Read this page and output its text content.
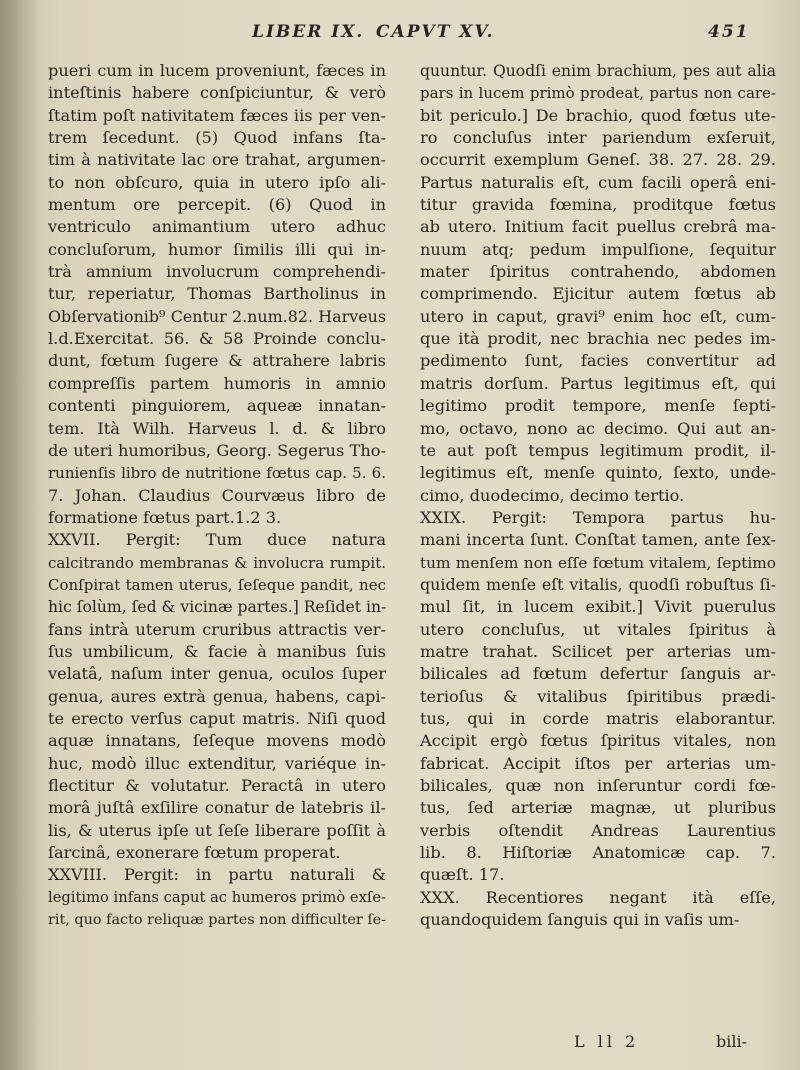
LIBER IX. CAPVT XV.	451
pueri cum in lucem proveniunt, fæces in
inteſtinis habere conſpiciuntur, & verò
ſtatim poſt nativitatem fæces iis per ven-
trem ſecedunt. (5) Quod infans ſta-
tim à nativitate lac ore trahat, argumen-
to non obſcuro, quia in utero ipſo ali-
mentum ore percepit. (6) Quod in
ventriculo animantium utero adhuc
concluſorum, humor ſimilis illi qui in-
trà amnium involucrum comprehendi-
tur, reperiatur, Thomas Bartholinus in
Obſervationib⁹ Centur 2.num.82. Harveus
l.d.Exercitat. 56. & 58 Proinde conclu-
dunt, fœtum ſugere & attrahere labris
compreſſis partem humoris in amnio
contenti pinguiorem, aqueæ innatan-
tem. Ità Wilh. Harveus l. d. & libro
de uteri humoribus, Georg. Segerus Tho-
runienſis libro de nutritione fœtus cap. 5. 6.
7. Johan. Claudius Courvæus libro de
formatione fœtus part.1.2 3.
XXVII. Pergit: Tum duce natura
calcitrando membranas & involucra rumpit.
Conſpirat tamen uterus, ſeſeque pandit, nec
hic ſolùm, ſed & vicinæ partes.] Reſidet in-
fans intrà uterum cruribus attractis ver-
ſus umbilicum, & facie à manibus ſuis
velatâ, naſum inter genua, oculos ſuper
genua, aures extrà genua, habens, capi-
te erecto verſus caput matris. Niſi quod
aquæ innatans, ſeſeque movens modò
huc, modò illuc extenditur, variéque in-
flectitur & volutatur. Peractâ in utero
morâ juſtâ exſilire conatur de latebris il-
lis, & uterus ipſe ut ſeſe liberare poſſit à
ſarcinâ, exonerare fœtum properat.
XXVIII. Pergit: in partu naturali &
legitimo infans caput ac humeros primò exſe-
rit, quo facto reliquæ partes non difficulter ſe-
quuntur. Quodſi enim brachium, pes aut alia
pars in lucem primò prodeat, partus non care-
bit periculo.] De brachio, quod fœtus ute-
ro concluſus inter pariendum exſeruit,
occurrit exemplum Geneſ. 38. 27. 28. 29.
Partus naturalis eſt, cum facili operâ eni-
titur gravida fœmina, proditque fœtus
ab utero. Initium facit puellus crebrâ ma-
nuum atq; pedum impulſione, ſequitur
mater ſpiritus contrahendo, abdomen
comprimendo. Ejicitur autem fœtus ab
utero in caput, gravi⁹ enim hoc eſt, cum-
que ità prodit, nec brachia nec pedes im-
pedimento ſunt, facies convertitur ad
matris dorſum. Partus legitimus eſt, qui
legitimo prodit tempore, menſe ſepti-
mo, octavo, nono ac decimo. Qui aut an-
te aut poſt tempus legitimum prodit, il-
legitimus eſt, menſe quinto, ſexto, unde-
cimo, duodecimo, decimo tertio.
XXIX. Pergit: Tempora partus hu-
mani incerta ſunt. Conſtat tamen, ante ſex-
tum menſem non eſſe fœtum vitalem, ſeptimo
quidem menſe eſt vitalis, quodſi robuſtus ſi-
mul ſit, in lucem exibit.] Vivit puerulus
utero concluſus, ut vitales ſpiritus à
matre trahat. Scilicet per arterias um-
bilicales ad fœtum defertur ſanguis ar-
terioſus & vitalibus ſpiritibus prædi-
tus, qui in corde matris elaborantur.
Accipit ergò fœtus ſpiritus vitales, non
fabricat. Accipit iſtos per arterias um-
bilicales, quæ non inſeruntur cordi fœ-
tus, ſed arteriæ magnæ, ut pluribus
verbis oſtendit Andreas Laurentius
lib. 8. Hiſtoriæ Anatomicæ cap. 7.
quæſt. 17.
XXX. Recentiores negant ità eſſe,
quandoquidem ſanguis qui in vaſis um-
L ll 2	bili-
